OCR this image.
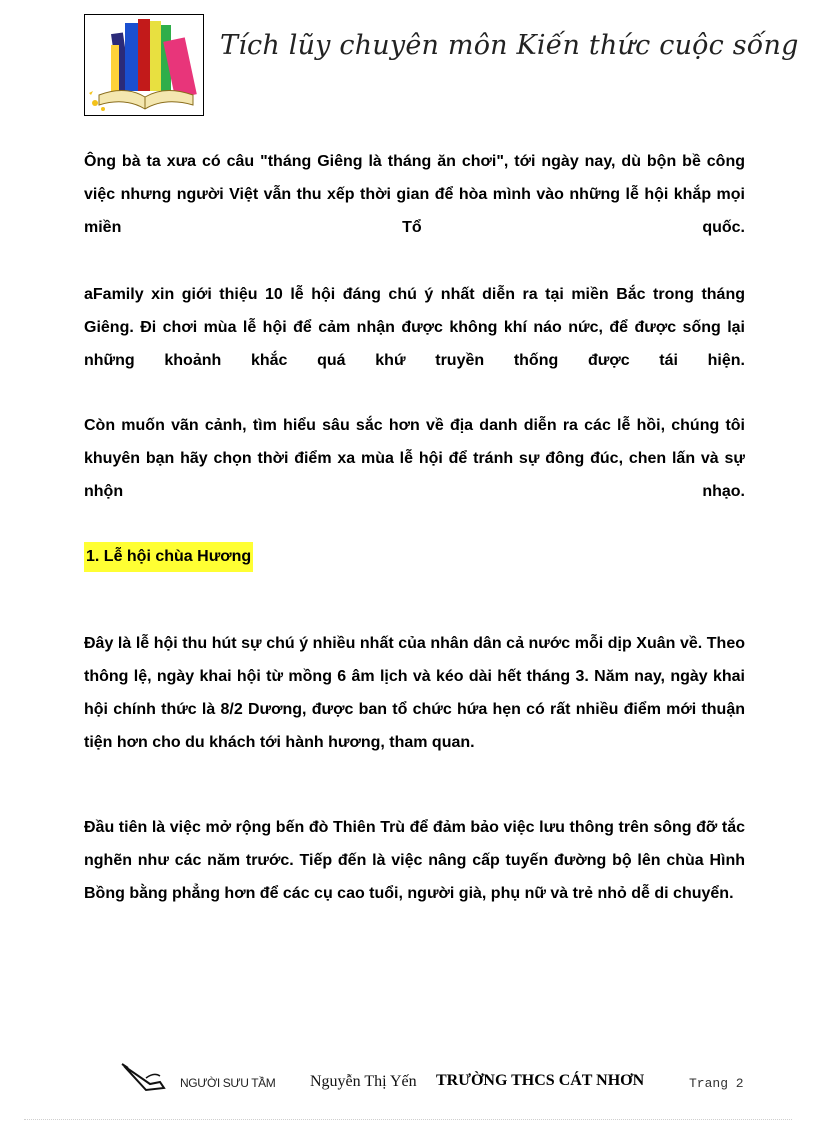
Tích lũy chuyên môn Kiến thức cuộc sống

Ông bà ta xưa có câu "tháng Giêng là tháng ăn chơi", tới ngày nay, dù bộn bề công việc nhưng người Việt vẫn thu xếp thời gian để hòa mình vào những lễ hội khắp mọi miền Tổ quốc.

aFamily xin giới thiệu 10 lễ hội đáng chú ý nhất diễn ra tại miền Bắc trong tháng Giêng. Đi chơi mùa lễ hội để cảm nhận được không khí náo nức, để được sống lại những khoảnh khắc quá khứ truyền thống được tái hiện.

Còn muốn vãn cảnh, tìm hiểu sâu sắc hơn về địa danh diễn ra các lễ hồi, chúng tôi khuyên bạn hãy chọn thời điểm xa mùa lễ hội để tránh sự đông đúc, chen lấn và sự nhộn nhạo.

1. Lễ hội chùa Hương

Đây là lễ hội thu hút sự chú ý nhiều nhất của nhân dân cả nước mỗi dịp Xuân về. Theo thông lệ, ngày khai hội từ mồng 6 âm lịch và kéo dài hết tháng 3. Năm nay, ngày khai hội chính thức là 8/2 Dương, được ban tổ chức hứa hẹn có rất nhiều điểm mới thuận tiện hơn cho du khách tới hành hương, tham quan.

Đầu tiên là việc mở rộng bến đò Thiên Trù để đảm bảo việc lưu thông trên sông đỡ tắc nghẽn như các năm trước. Tiếp đến là việc nâng cấp tuyến đường bộ lên chùa Hình Bồng bằng phẳng hơn để các cụ cao tuổi, người già, phụ nữ và trẻ nhỏ dễ di chuyển.

NGƯỜI SƯU TẦM Nguyễn Thị Yến TRƯỜNG THCS CÁT NHƠN	Trang 2
